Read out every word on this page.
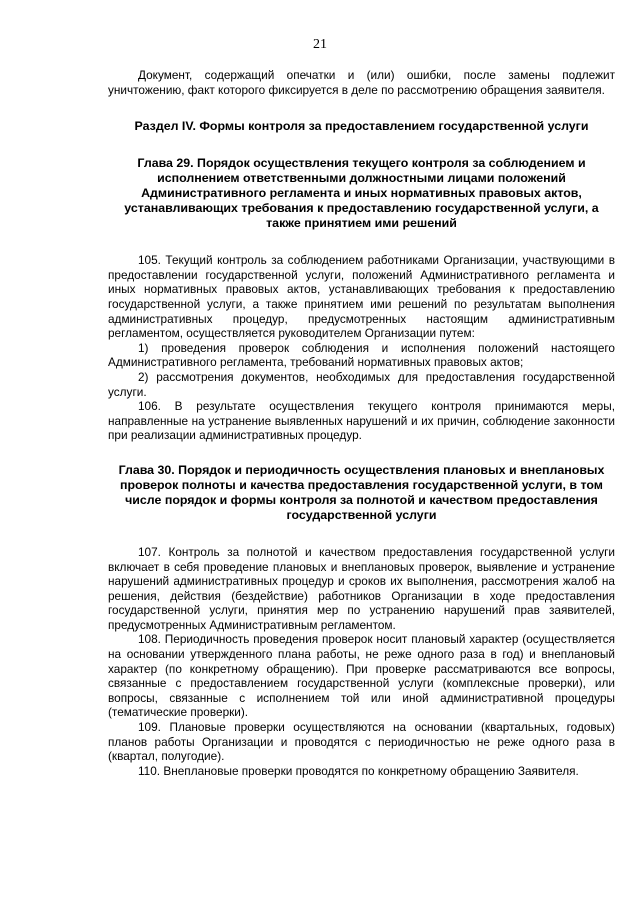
21

Документ, содержащий опечатки и (или) ошибки, после замены подлежит уничтожению, факт которого фиксируется в деле по рассмотрению обращения заявителя.

Раздел IV. Формы контроля за предоставлением государственной услуги
Глава 29. Порядок осуществления текущего контроля за соблюдением и исполнением ответственными должностными лицами положений Административного регламента и иных нормативных правовых актов, устанавливающих требования к предоставлению государственной услуги, а также принятием ими решений

105. Текущий контроль за соблюдением работниками Организации, участвующими в предоставлении государственной услуги, положений Административного регламента и иных нормативных правовых актов, устанавливающих требования к предоставлению государственной услуги, а также принятием ими решений по результатам выполнения административных процедур, предусмотренных настоящим административным регламентом, осуществляется руководителем Организации путем:

1) проведения проверок соблюдения и исполнения положений настоящего Административного регламента, требований нормативных правовых актов;

2) рассмотрения документов, необходимых для предоставления государственной услуги.

106. В результате осуществления текущего контроля принимаются меры, направленные на устранение выявленных нарушений и их причин, соблюдение законности при реализации административных процедур.

Глава 30. Порядок и периодичность осуществления плановых и внеплановых проверок полноты и качества предоставления государственной услуги, в том числе порядок и формы контроля за полнотой и качеством предоставления государственной услуги

107. Контроль за полнотой и качеством предоставления государственной услуги включает в себя проведение плановых и внеплановых проверок, выявление и устранение нарушений административных процедур и сроков их выполнения, рассмотрения жалоб на решения, действия (бездействие) работников Организации в ходе предоставления государственной услуги, принятия мер по устранению нарушений прав заявителей, предусмотренных Административным регламентом.

108. Периодичность проведения проверок носит плановый характер (осуществляется на основании утвержденного плана работы, не реже одного раза в год) и внеплановый характер (по конкретному обращению). При проверке рассматриваются все вопросы, связанные с предоставлением государственной услуги (комплексные проверки), или вопросы, связанные с исполнением той или иной административной процедуры (тематические проверки).

109. Плановые проверки осуществляются на основании (квартальных, годовых) планов работы Организации и проводятся с периодичностью не реже одного раза в (квартал, полугодие).

110. Внеплановые проверки проводятся по конкретному обращению Заявителя.
